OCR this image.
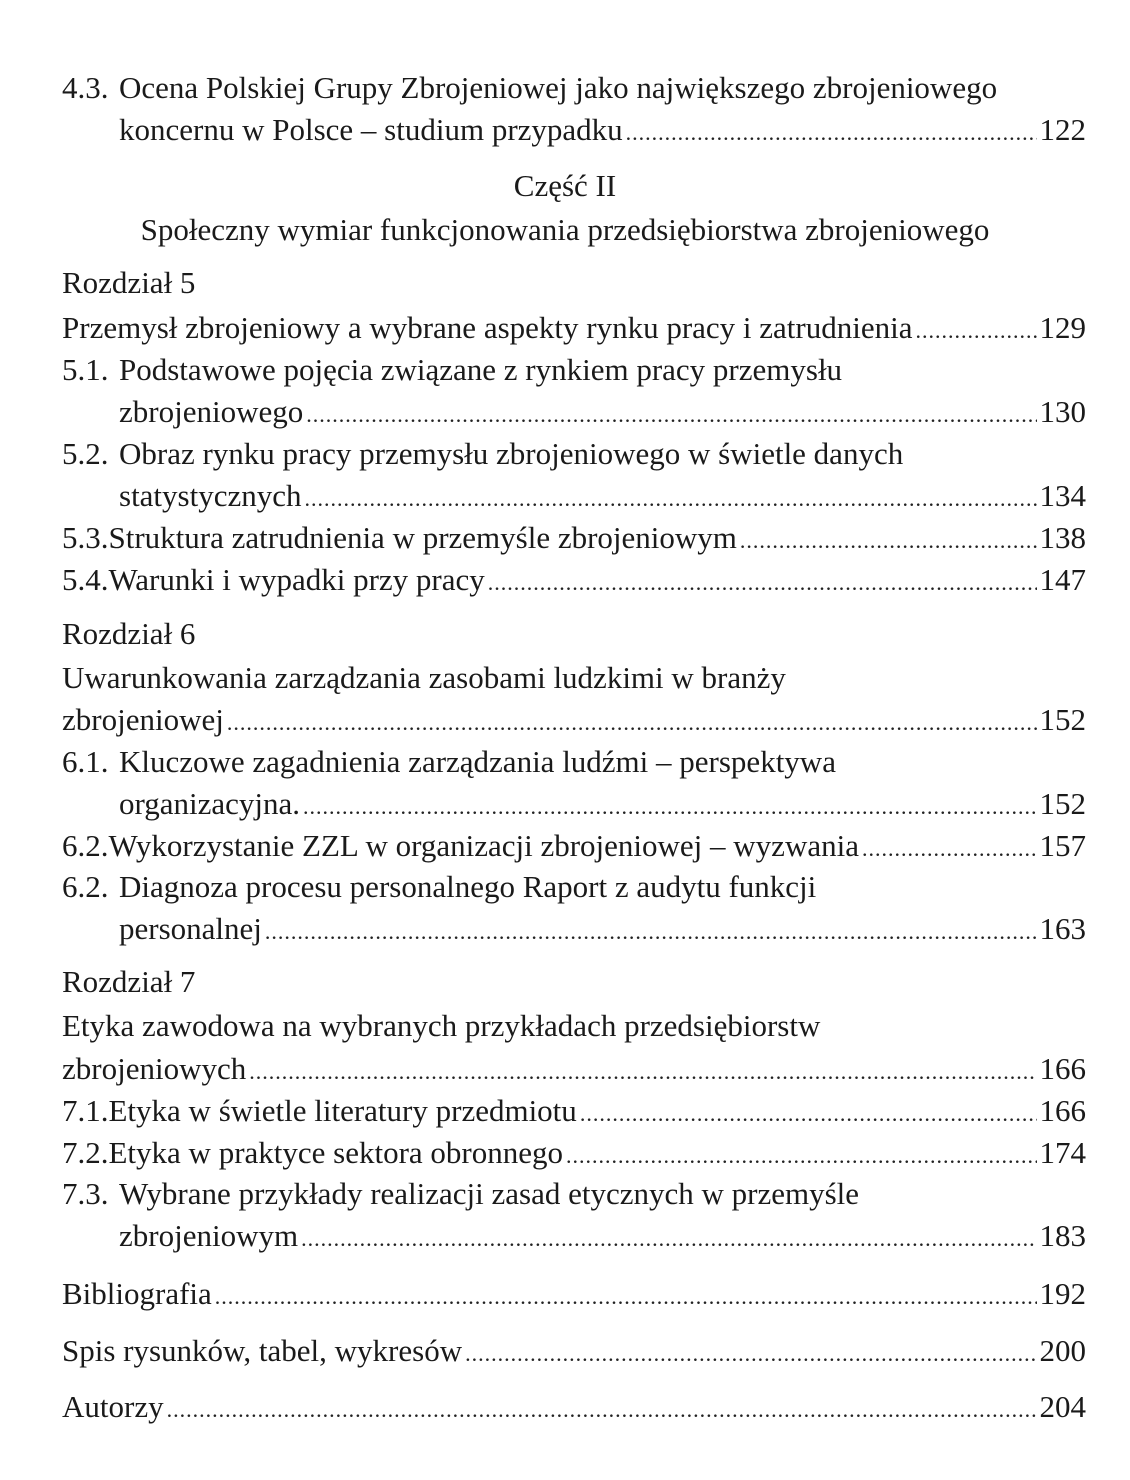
4.3. Ocena Polskiej Grupy Zbrojeniowej jako największego zbrojeniowego
koncernu w Polsce – studium przypadku .....	122
Część II
Społeczny wymiar funkcjonowania przedsiębiorstwa zbrojeniowego
Rozdział 5
Przemysł zbrojeniowy a wybrane aspekty rynku pracy i zatrudnienia .....	129
5.1. Podstawowe pojęcia związane z rynkiem pracy przemysłu
zbrojeniowego .....	130
5.2. Obraz rynku pracy przemysłu zbrojeniowego w świetle danych
statystycznych .....	134
5.3. Struktura zatrudnienia w przemyśle zbrojeniowym .....	138
5.4. Warunki i wypadki przy pracy .....	147
Rozdział 6
Uwarunkowania zarządzania zasobami ludzkimi w branży
zbrojeniowej .....	152
6.1. Kluczowe zagadnienia zarządzania ludźmi – perspektywa
organizacyjna. .....	152
6.2. Wykorzystanie ZZL w organizacji zbrojeniowej – wyzwania .....	157
6.2. Diagnoza procesu personalnego Raport z audytu funkcji
personalnej .....	163
Rozdział 7
Etyka zawodowa na wybranych przykładach przedsiębiorstw
zbrojeniowych .....	166
7.1. Etyka w świetle literatury przedmiotu .....	166
7.2. Etyka w praktyce sektora obronnego .....	174
7.3. Wybrane przykłady realizacji zasad etycznych w przemyśle
zbrojeniowym .....	183
Bibliografia .....	192
Spis rysunków, tabel, wykresów .....	200
Autorzy .....	204
